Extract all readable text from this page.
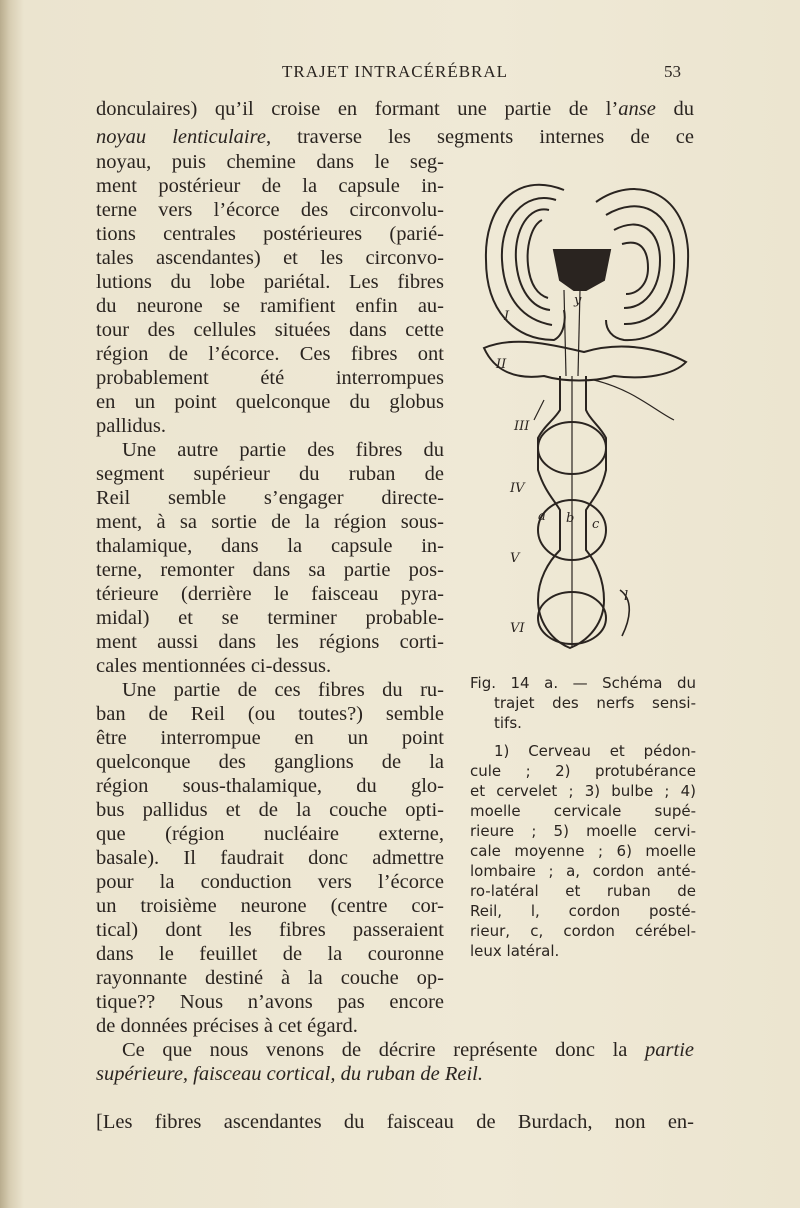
TRAJET INTRACÉRÉBRAL	53
donculaires) qu’il croise en formant une partie de l’anse du
noyau lenticulaire, traverse les segments internes de ce
noyau, puis chemine dans le seg-
ment postérieur de la capsule in-
terne vers l’écorce des circonvolu-
tions centrales postérieures (parié-
tales ascendantes) et les circonvo-
lutions du lobe pariétal. Les fibres
du neurone se ramifient enfin au-
tour des cellules situées dans cette
région de l’écorce. Ces fibres ont
probablement été interrompues
en un point quelconque du globus
pallidus.
Une autre partie des fibres du
segment supérieur du ruban de
Reil semble s’engager directe-
ment, à sa sortie de la région sous-
thalamique, dans la capsule in-
terne, remonter dans sa partie pos-
térieure (derrière le faisceau pyra-
midal) et se terminer probable-
ment aussi dans les régions corti-
cales mentionnées ci-dessus.
Une partie de ces fibres du ru-
ban de Reil (ou toutes?) semble
être interrompue en un point
quelconque des ganglions de la
région sous-thalamique, du glo-
bus pallidus et de la couche opti-
que (région nucléaire externe,
basale). Il faudrait donc admettre
pour la conduction vers l’écorce
un troisième neurone (centre cor-
tical) dont les fibres passeraient
dans le feuillet de la couronne
rayonnante destiné à la couche op-
tique?? Nous n’avons pas encore
de données précises à cet égard.
Ce que nous venons de décrire représente donc la partie
supérieure, faisceau cortical, du ruban de Reil.
[Les fibres ascendantes du faisceau de Burdach, non en-
I
II
III
IV
V
VI
y
a b c
l
Fig. 14 a. — Schéma du
trajet des nerfs sensi-
tifs.
1) Cerveau et pédon-
cule ; 2) protubérance
et cervelet ; 3) bulbe ; 4)
moelle cervicale supé-
rieure ; 5) moelle cervi-
cale moyenne ; 6) moelle
lombaire ; a, cordon anté-
ro-latéral et ruban de
Reil, l, cordon posté-
rieur, c, cordon cérébel-
leux latéral.
